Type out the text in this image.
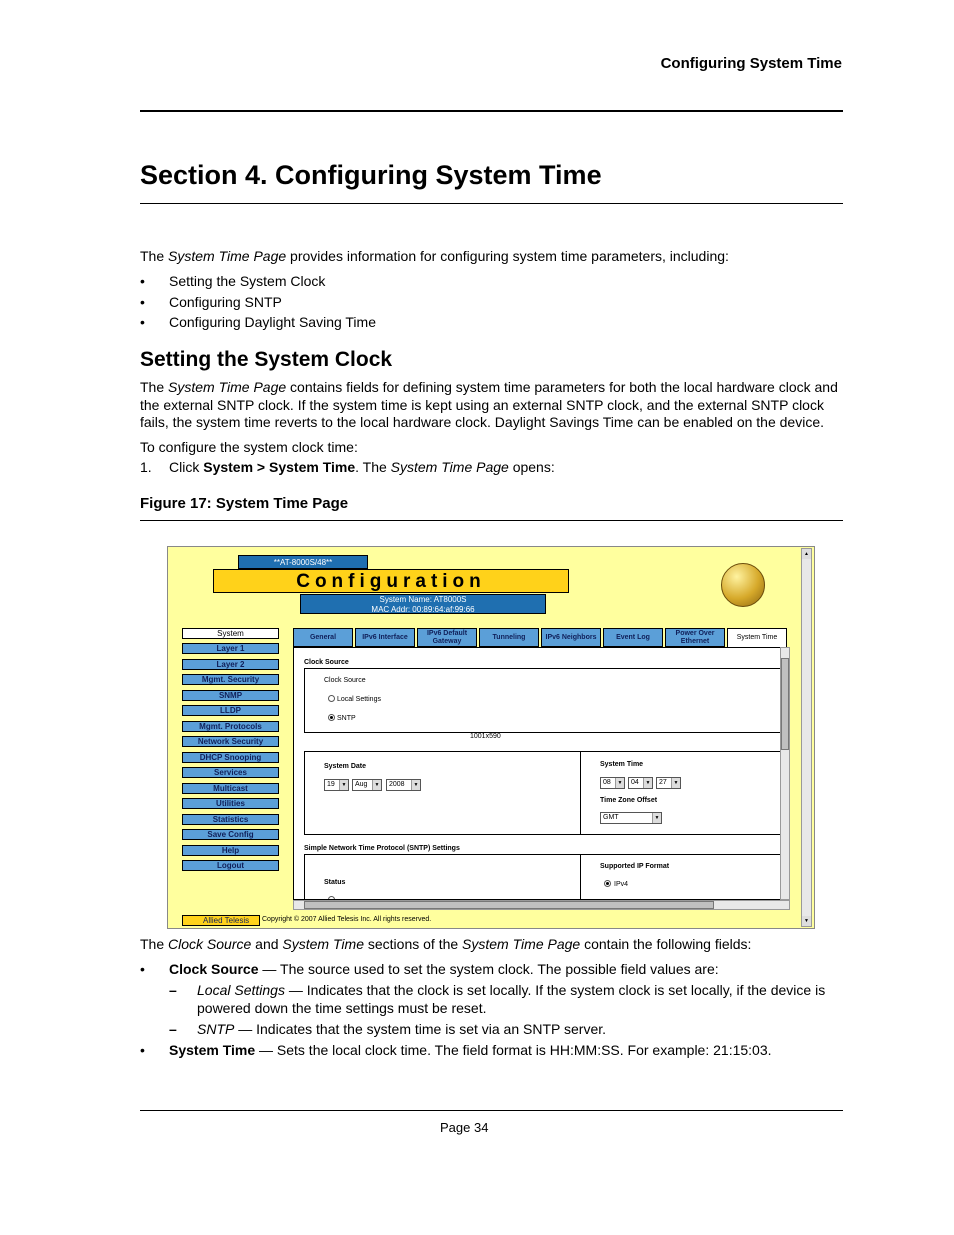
Configuring System Time
Section 4. Configuring System Time

The System Time Page provides information for configuring system time parameters, including:

• Setting the System Clock
• Configuring SNTP
• Configuring Daylight Saving Time
Setting the System Clock

The System Time Page contains fields for defining system time parameters for both the local hardware clock and the external SNTP clock. If the system time is kept using an external SNTP clock, and the external SNTP clock fails, the system time reverts to the local hardware clock. Daylight Savings Time can be enabled on the device.

To configure the system clock time:

1. Click System > System Time. The System Time Page opens:
Figure 17: System Time Page
**AT-8000S/48**
Configuration
System Name: AT8000S
MAC Addr: 00:89:64:af:99:66
▲
▼
System
Layer 1
Layer 2
Mgmt. Security
SNMP
LLDP
Mgmt. Protocols
Network Security
DHCP Snooping
Services
Multicast
Utilities
Statistics
Save Config
Help
Logout
General	IPv6 Interface
IPv6 Default Gateway
Tunneling	IPv6 Neighbors	Event Log
Power Over Ethernet	System Time
Clock Source
Clock Source
Local Settings
SNTP
1001x590
System Date
19	▼	Aug	▼	2008	▼
System Time
08	▼	04	▼	27	▼
Time Zone Offset
GMT	▼
Simple Network Time Protocol (SNTP) Settings
Supported IP Format
IPv4
Status
Allied Telesis	Copyright © 2007 Allied Telesis Inc. All rights reserved.

The Clock Source and System Time sections of the System Time Page contain the following fields:

• Clock Source — The source used to set the system clock. The possible field values are:
– Local Settings — Indicates that the clock is set locally. If the system clock is set locally, if the device is powered down the time settings must be reset.
– SNTP — Indicates that the system time is set via an SNTP server.
• System Time — Sets the local clock time. The field format is HH:MM:SS. For example: 21:15:03.
Page 34
